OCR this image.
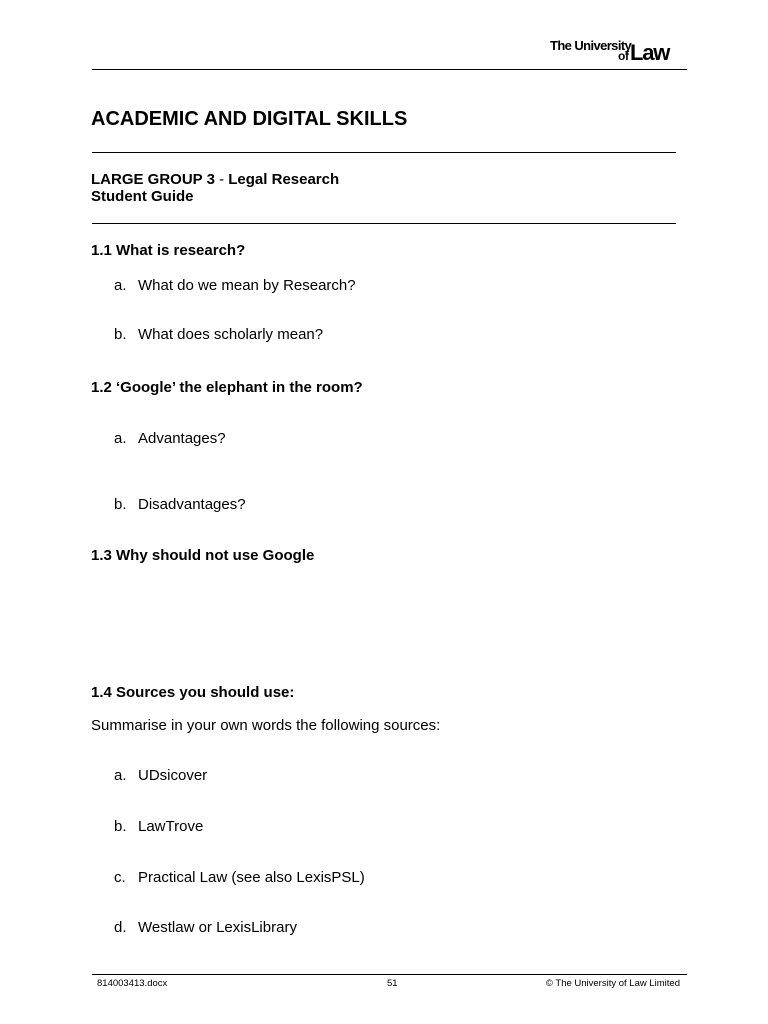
The University
of Law
ACADEMIC AND DIGITAL SKILLS
LARGE GROUP 3 - Legal Research
Student Guide
1.1 What is research?
a. What do we mean by Research?
b. What does scholarly mean?
1.2 ‘Google’ the elephant in the room?
a. Advantages?
b. Disadvantages?
1.3 Why should not use Google
1.4 Sources you should use:
Summarise in your own words the following sources:
a. UDsicover
b. LawTrove
c. Practical Law (see also LexisPSL)
d. Westlaw or LexisLibrary
814003413.docx	51	© The University of Law Limited
